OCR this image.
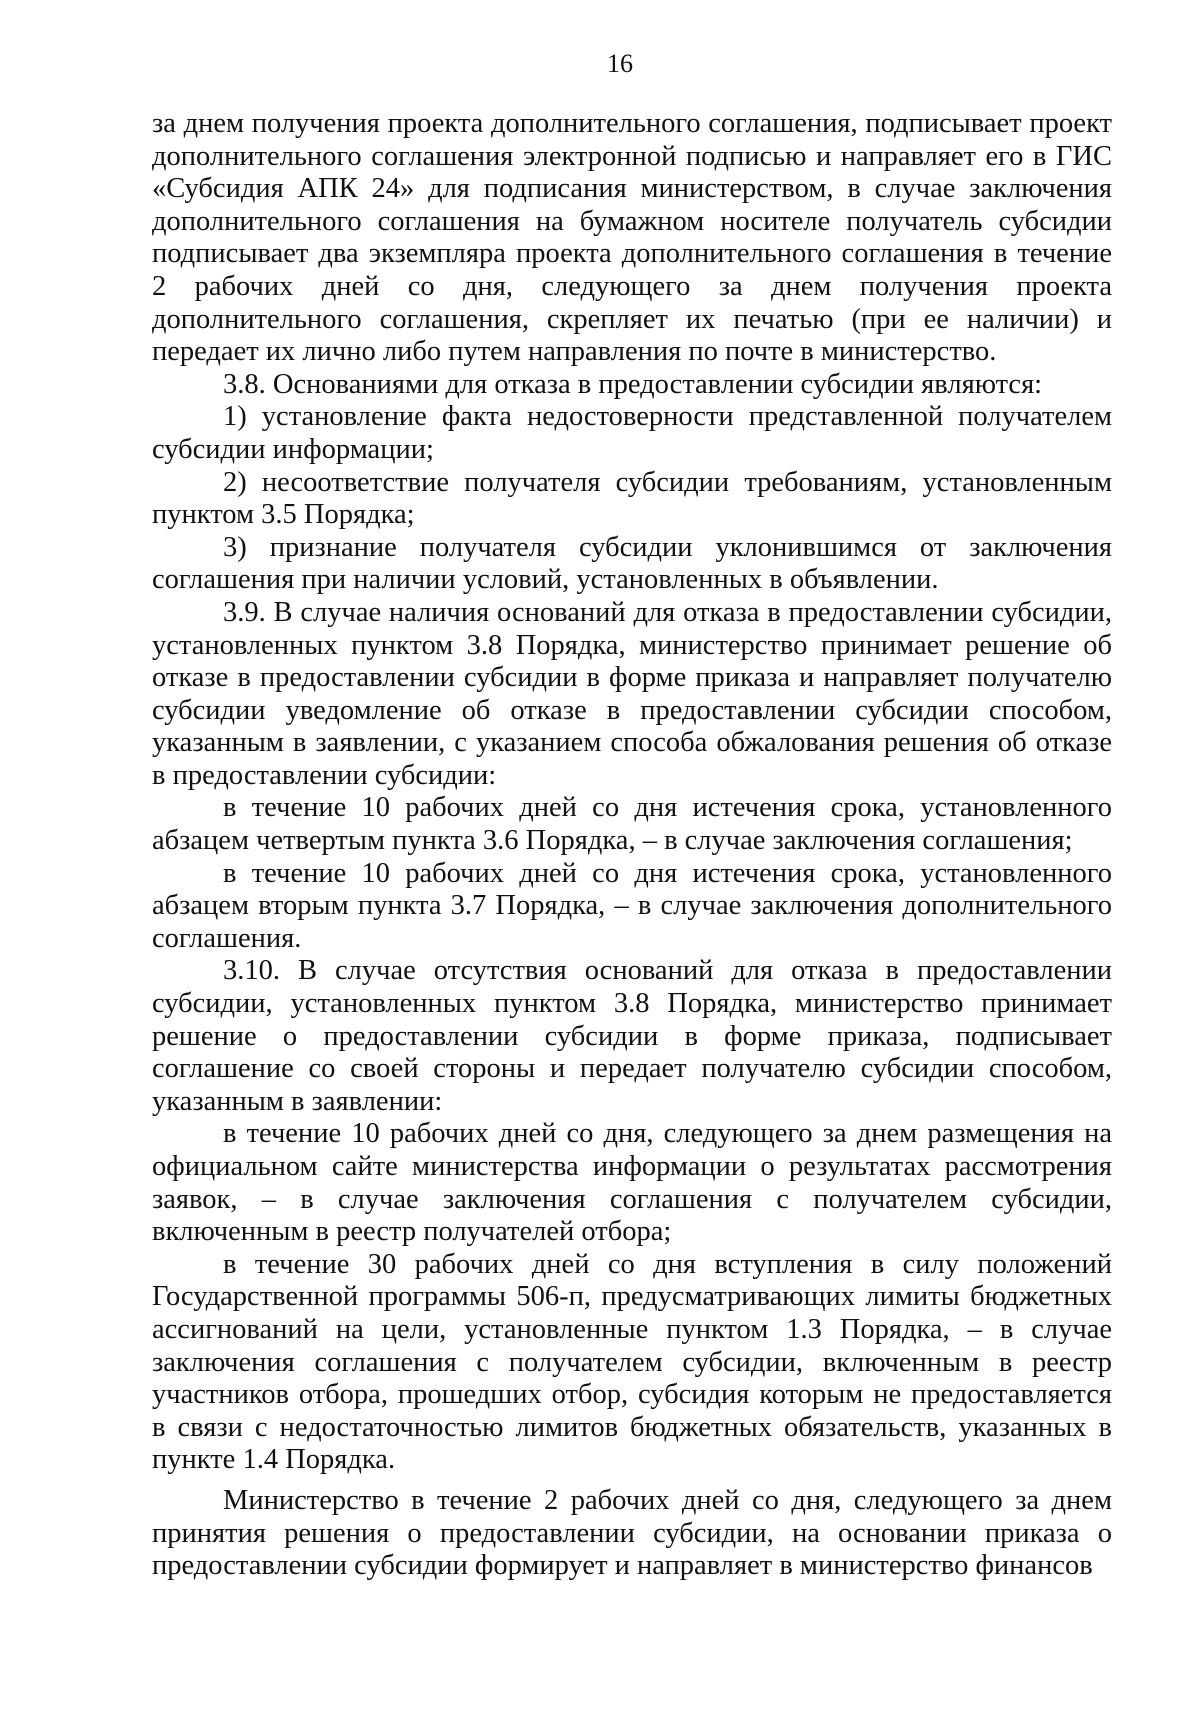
16

за днем получения проекта дополнительного соглашения, подписывает проект дополнительного соглашения электронной подписью и направляет его в ГИС «Субсидия АПК 24» для подписания министерством, в случае заключения дополнительного соглашения на бумажном носителе получатель субсидии подписывает два экземпляра проекта дополнительного соглашения в течение 2 рабочих дней со дня, следующего за днем получения проекта дополнительного соглашения, скрепляет их печатью (при ее наличии) и передает их лично либо путем направления по почте в министерство.

3.8. Основаниями для отказа в предоставлении субсидии являются:

1) установление факта недостоверности представленной получателем субсидии информации;

2) несоответствие получателя субсидии требованиям, установленным пунктом 3.5 Порядка;

3) признание получателя субсидии уклонившимся от заключения соглашения при наличии условий, установленных в объявлении.

3.9. В случае наличия оснований для отказа в предоставлении субсидии, установленных пунктом 3.8 Порядка, министерство принимает решение об отказе в предоставлении субсидии в форме приказа и направляет получателю субсидии уведомление об отказе в предоставлении субсидии способом, указанным в заявлении, с указанием способа обжалования решения об отказе в предоставлении субсидии:

в течение 10 рабочих дней со дня истечения срока, установленного абзацем четвертым пункта 3.6 Порядка, – в случае заключения соглашения;

в течение 10 рабочих дней со дня истечения срока, установленного абзацем вторым пункта 3.7 Порядка, – в случае заключения дополнительного соглашения.

3.10. В случае отсутствия оснований для отказа в предоставлении субсидии, установленных пунктом 3.8 Порядка, министерство принимает решение о предоставлении субсидии в форме приказа, подписывает соглашение со своей стороны и передает получателю субсидии способом, указанным в заявлении:

в течение 10 рабочих дней со дня, следующего за днем размещения на официальном сайте министерства информации о результатах рассмотрения заявок, – в случае заключения соглашения с получателем субсидии, включенным в реестр получателей отбора;

в течение 30 рабочих дней со дня вступления в силу положений Государственной программы 506-п, предусматривающих лимиты бюджетных ассигнований на цели, установленные пунктом 1.3 Порядка, – в случае заключения соглашения с получателем субсидии, включенным в реестр участников отбора, прошедших отбор, субсидия которым не предоставляется в связи с недостаточностью лимитов бюджетных обязательств, указанных в пункте 1.4 Порядка.

Министерство в течение 2 рабочих дней со дня, следующего за днем принятия решения о предоставлении субсидии, на основании приказа о предоставлении субсидии формирует и направляет в министерство финансов
